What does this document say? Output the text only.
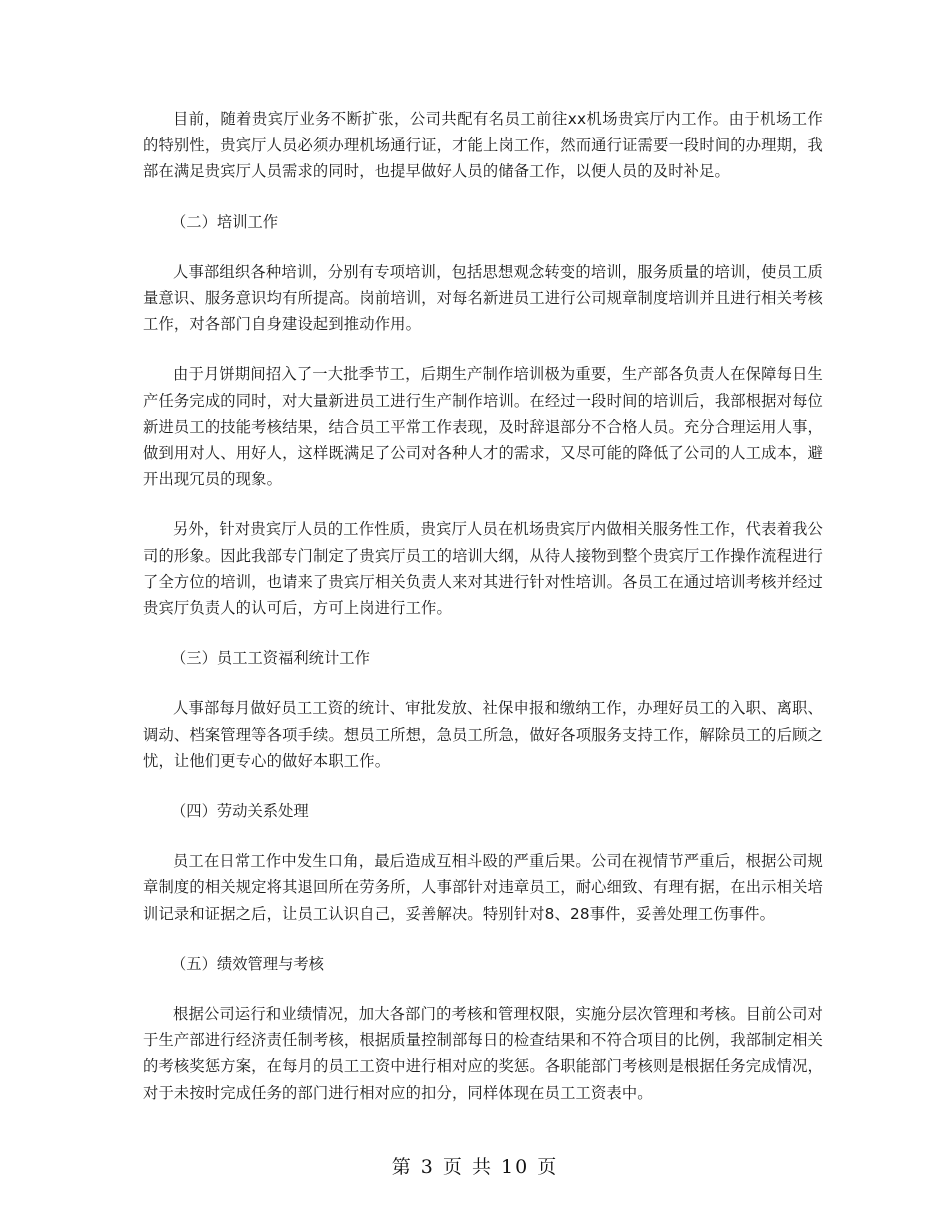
目前，随着贵宾厅业务不断扩张，公司共配有名员工前往xx机场贵宾厅内工作。由于机场工作的特别性，贵宾厅人员必须办理机场通行证，才能上岗工作，然而通行证需要一段时间的办理期，我部在满足贵宾厅人员需求的同时，也提早做好人员的储备工作，以便人员的及时补足。

（二）培训工作

人事部组织各种培训，分别有专项培训，包括思想观念转变的培训，服务质量的培训，使员工质量意识、服务意识均有所提高。岗前培训，对每名新进员工进行公司规章制度培训并且进行相关考核工作，对各部门自身建设起到推动作用。

由于月饼期间招入了一大批季节工，后期生产制作培训极为重要，生产部各负责人在保障每日生产任务完成的同时，对大量新进员工进行生产制作培训。在经过一段时间的培训后，我部根据对每位新进员工的技能考核结果，结合员工平常工作表现，及时辞退部分不合格人员。充分合理运用人事，做到用对人、用好人，这样既满足了公司对各种人才的需求，又尽可能的降低了公司的人工成本，避开出现冗员的现象。

另外，针对贵宾厅人员的工作性质，贵宾厅人员在机场贵宾厅内做相关服务性工作，代表着我公司的形象。因此我部专门制定了贵宾厅员工的培训大纲，从待人接物到整个贵宾厅工作操作流程进行了全方位的培训，也请来了贵宾厅相关负责人来对其进行针对性培训。各员工在通过培训考核并经过贵宾厅负责人的认可后，方可上岗进行工作。

（三）员工工资福利统计工作

人事部每月做好员工工资的统计、审批发放、社保申报和缴纳工作，办理好员工的入职、离职、调动、档案管理等各项手续。想员工所想，急员工所急，做好各项服务支持工作，解除员工的后顾之忧，让他们更专心的做好本职工作。

（四）劳动关系处理

员工在日常工作中发生口角，最后造成互相斗殴的严重后果。公司在视情节严重后，根据公司规章制度的相关规定将其退回所在劳务所，人事部针对违章员工，耐心细致、有理有据，在出示相关培训记录和证据之后，让员工认识自己，妥善解决。特别针对8、28事件，妥善处理工伤事件。

（五）绩效管理与考核

根据公司运行和业绩情况，加大各部门的考核和管理权限，实施分层次管理和考核。目前公司对于生产部进行经济责任制考核，根据质量控制部每日的检查结果和不符合项目的比例，我部制定相关的考核奖惩方案，在每月的员工工资中进行相对应的奖惩。各职能部门考核则是根据任务完成情况，对于未按时完成任务的部门进行相对应的扣分，同样体现在员工工资表中。

第 3 页 共 10 页
